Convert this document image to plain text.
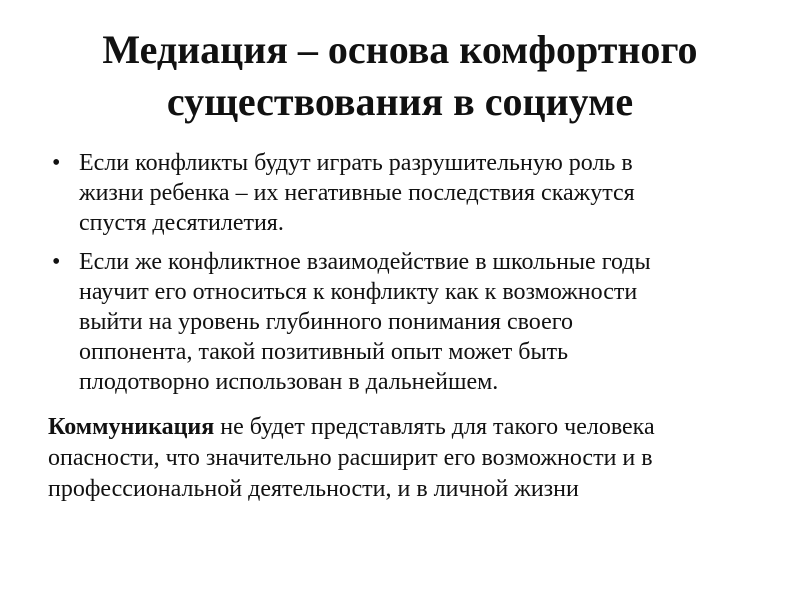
Медиация – основа комфортного
существования в социуме
• Если конфликты будут играть разрушительную роль в
жизни ребенка – их негативные последствия скажутся
спустя десятилетия.
• Если же конфликтное взаимодействие в школьные годы
научит его относиться к конфликту как к возможности
выйти на уровень глубинного понимания своего
оппонента, такой позитивный опыт может быть
плодотворно использован в дальнейшем.

Коммуникация не будет представлять для такого человека
опасности, что значительно расширит его возможности и в
профессиональной деятельности, и в личной жизни
